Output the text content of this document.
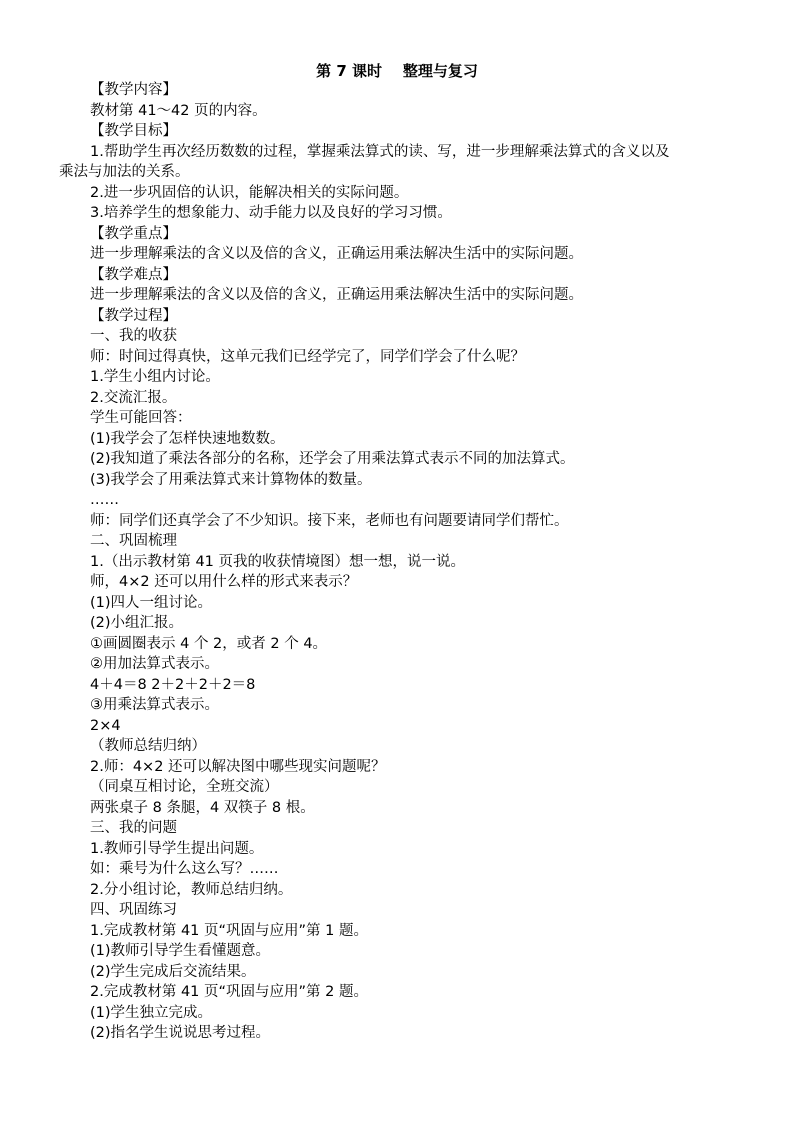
第 7 课时    整理与复习
【教学内容】
教材第 41～42 页的内容。
【教学目标】
1.帮助学生再次经历数数的过程，掌握乘法算式的读、写，进一步理解乘法算式的含义以及
乘法与加法的关系。
2.进一步巩固倍的认识，能解决相关的实际问题。
3.培养学生的想象能力、动手能力以及良好的学习习惯。
【教学重点】
进一步理解乘法的含义以及倍的含义，正确运用乘法解决生活中的实际问题。
【教学难点】
进一步理解乘法的含义以及倍的含义，正确运用乘法解决生活中的实际问题。
【教学过程】
一、我的收获
师：时间过得真快，这单元我们已经学完了，同学们学会了什么呢？
1.学生小组内讨论。
2.交流汇报。
学生可能回答：
(1)我学会了怎样快速地数数。
(2)我知道了乘法各部分的名称，还学会了用乘法算式表示不同的加法算式。
(3)我学会了用乘法算式来计算物体的数量。
……
师：同学们还真学会了不少知识。接下来，老师也有问题要请同学们帮忙。
二、巩固梳理
1.（出示教材第 41 页我的收获情境图）想一想，说一说。
师，4×2 还可以用什么样的形式来表示？
(1)四人一组讨论。
(2)小组汇报。
①画圆圈表示 4 个 2，或者 2 个 4。
②用加法算式表示。
4＋4＝8 2＋2＋2＋2＝8
③用乘法算式表示。
2×4
（教师总结归纳）
2.师：4×2 还可以解决图中哪些现实问题呢？
（同桌互相讨论，全班交流）
两张桌子 8 条腿，4 双筷子 8 根。
三、我的问题
1.教师引导学生提出问题。
如：乘号为什么这么写？……
2.分小组讨论，教师总结归纳。
四、巩固练习
1.完成教材第 41 页“巩固与应用”第 1 题。
(1)教师引导学生看懂题意。
(2)学生完成后交流结果。
2.完成教材第 41 页“巩固与应用”第 2 题。
(1)学生独立完成。
(2)指名学生说说思考过程。
